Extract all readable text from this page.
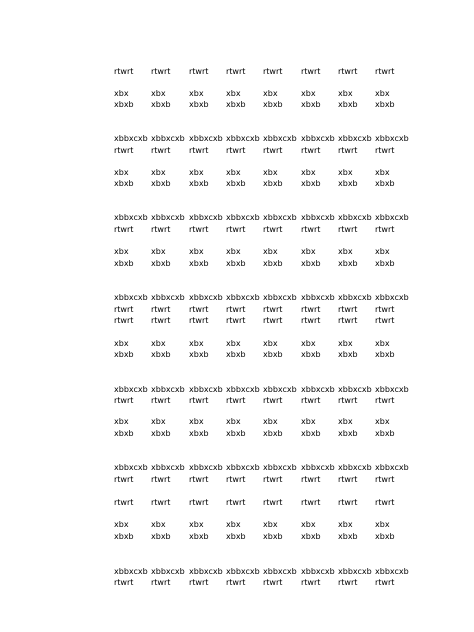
rtwrt rtwrt rtwrt rtwrt rtwrt rtwrt rtwrt rtwrt
xbx	xbx	xbx	xbx	xbx	xbx	xbx	xbx
xbxb xbxb xbxb xbxb xbxb xbxb xbxb xbxb
xbbxcxb xbbxcxb xbbxcxb xbbxcxb xbbxcxb xbbxcxb xbbxcxb xbbxcxb
rtwrt rtwrt rtwrt rtwrt rtwrt rtwrt rtwrt rtwrt
xbx	xbx	xbx	xbx	xbx	xbx	xbx	xbx
xbxb xbxb xbxb xbxb xbxb xbxb xbxb xbxb
xbbxcxb xbbxcxb xbbxcxb xbbxcxb xbbxcxb xbbxcxb xbbxcxb xbbxcxb
rtwrt rtwrt rtwrt rtwrt rtwrt rtwrt rtwrt rtwrt
xbx	xbx	xbx	xbx	xbx	xbx	xbx	xbx
xbxb xbxb xbxb xbxb xbxb xbxb xbxb xbxb
xbbxcxb xbbxcxb xbbxcxb xbbxcxb xbbxcxb xbbxcxb xbbxcxb xbbxcxb
rtwrt rtwrt rtwrt rtwrt rtwrt rtwrt rtwrt rtwrt
rtwrt rtwrt rtwrt rtwrt rtwrt rtwrt rtwrt rtwrt
xbx	xbx	xbx	xbx	xbx	xbx	xbx	xbx
xbxb xbxb xbxb xbxb xbxb xbxb xbxb xbxb
xbbxcxb xbbxcxb xbbxcxb xbbxcxb xbbxcxb xbbxcxb xbbxcxb xbbxcxb
rtwrt rtwrt rtwrt rtwrt rtwrt rtwrt rtwrt rtwrt
xbx	xbx	xbx	xbx	xbx	xbx	xbx	xbx
xbxb xbxb xbxb xbxb xbxb xbxb xbxb xbxb
xbbxcxb xbbxcxb xbbxcxb xbbxcxb xbbxcxb xbbxcxb xbbxcxb xbbxcxb
rtwrt rtwrt rtwrt rtwrt rtwrt rtwrt rtwrt rtwrt
rtwrt rtwrt rtwrt rtwrt rtwrt rtwrt rtwrt rtwrt
xbx	xbx	xbx	xbx	xbx	xbx	xbx	xbx
xbxb xbxb xbxb xbxb xbxb xbxb xbxb xbxb
xbbxcxb xbbxcxb xbbxcxb xbbxcxb xbbxcxb xbbxcxb xbbxcxb xbbxcxb
rtwrt rtwrt rtwrt rtwrt rtwrt rtwrt rtwrt rtwrt
